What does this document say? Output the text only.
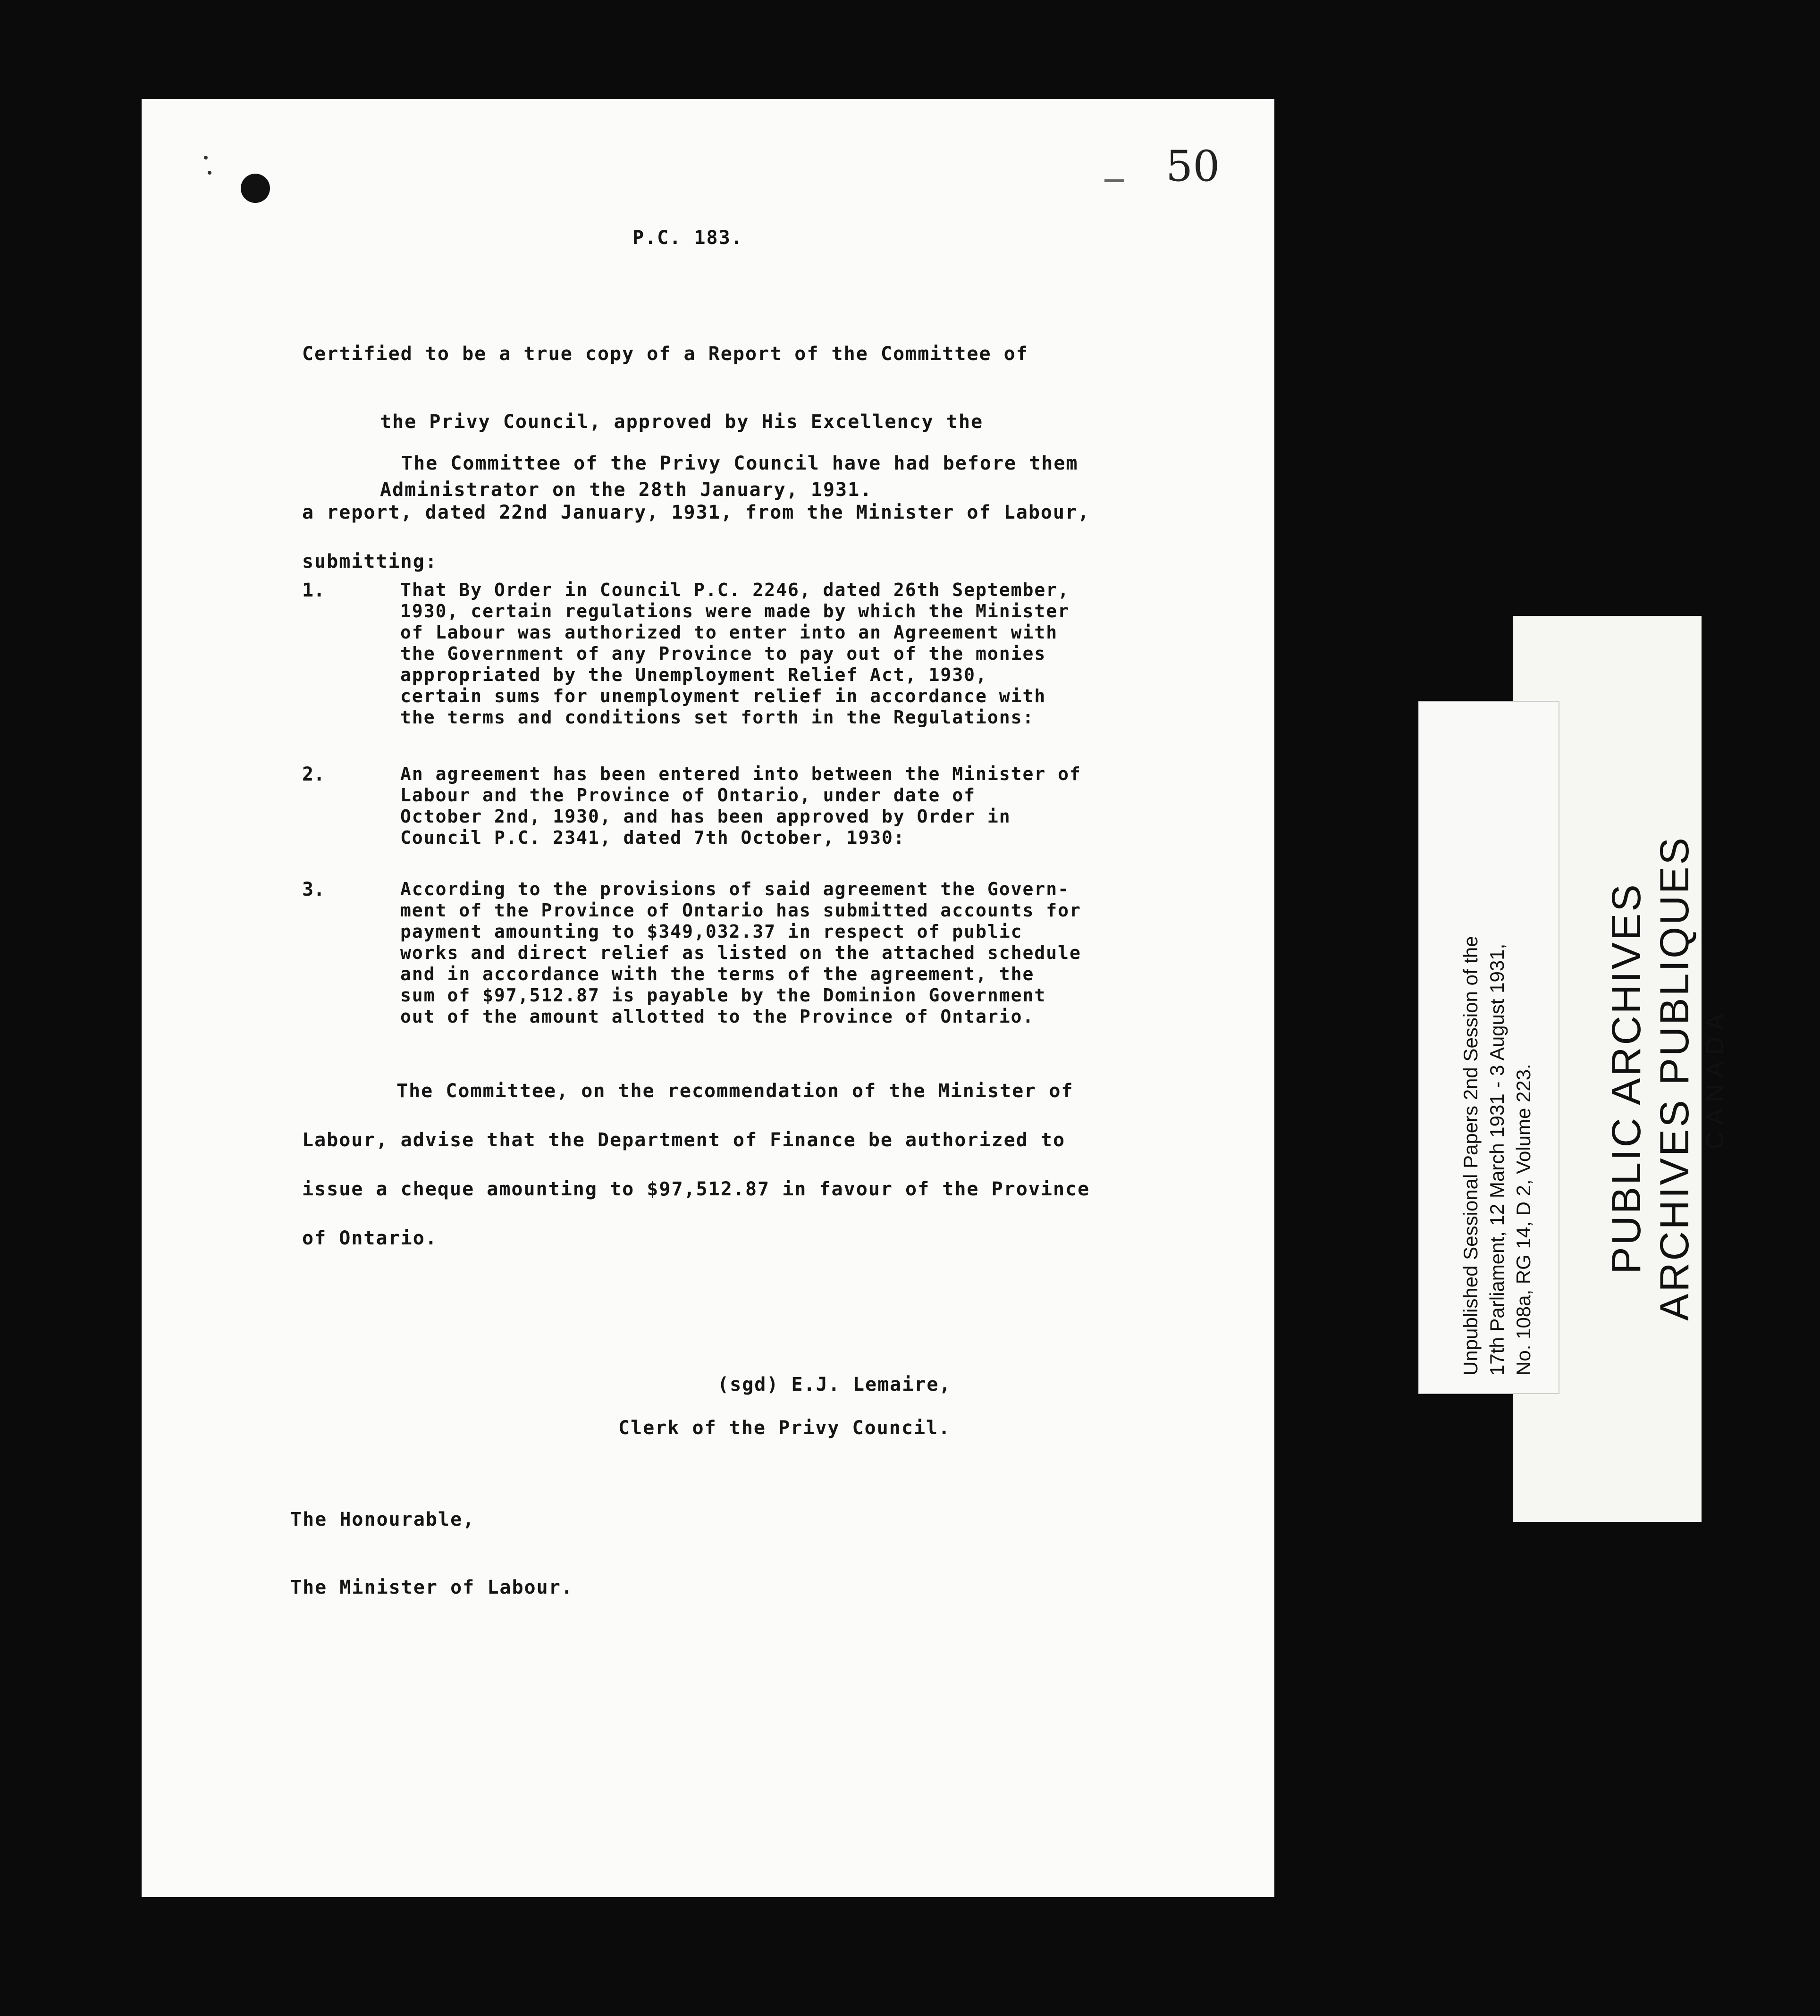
50

P.C. 183.

Certified to be a true copy of a Report of the Committee of

the Privy Council, approved by His Excellency the

Administrator on the 28th January, 1931.

The Committee of the Privy Council have had before them
a report, dated 22nd January, 1931, from the Minister of Labour,
submitting:

1.	That By Order in Council P.C. 2246, dated 26th September,
1930, certain regulations were made by which the Minister
of Labour was authorized to enter into an Agreement with
the Government of any Province to pay out of the monies
appropriated by the Unemployment Relief Act, 1930,
certain sums for unemployment relief in accordance with
the terms and conditions set forth in the Regulations:

2.	An agreement has been entered into between the Minister of
Labour and the Province of Ontario, under date of
October 2nd, 1930, and has been approved by Order in
Council P.C. 2341, dated 7th October, 1930:

3.	According to the provisions of said agreement the Govern-
ment of the Province of Ontario has submitted accounts for
payment amounting to $349,032.37 in respect of public
works and direct relief as listed on the attached schedule
and in accordance with the terms of the agreement, the
sum of $97,512.87 is payable by the Dominion Government
out of the amount allotted to the Province of Ontario.

The Committee, on the recommendation of the Minister of
Labour, advise that the Department of Finance be authorized to
issue a cheque amounting to $97,512.87 in favour of the Province
of Ontario.

(sgd) E.J. Lemaire,

Clerk of the Privy Council.

The Honourable,

The Minister of Labour.

PUBLIC ARCHIVES ARCHIVES PUBLIQUES CANADA
Unpublished Sessional Papers 2nd Session of the 17th Parliament, 12 March 1931 - 3 August 1931, No. 108a, RG 14, D 2, Volume 223.
